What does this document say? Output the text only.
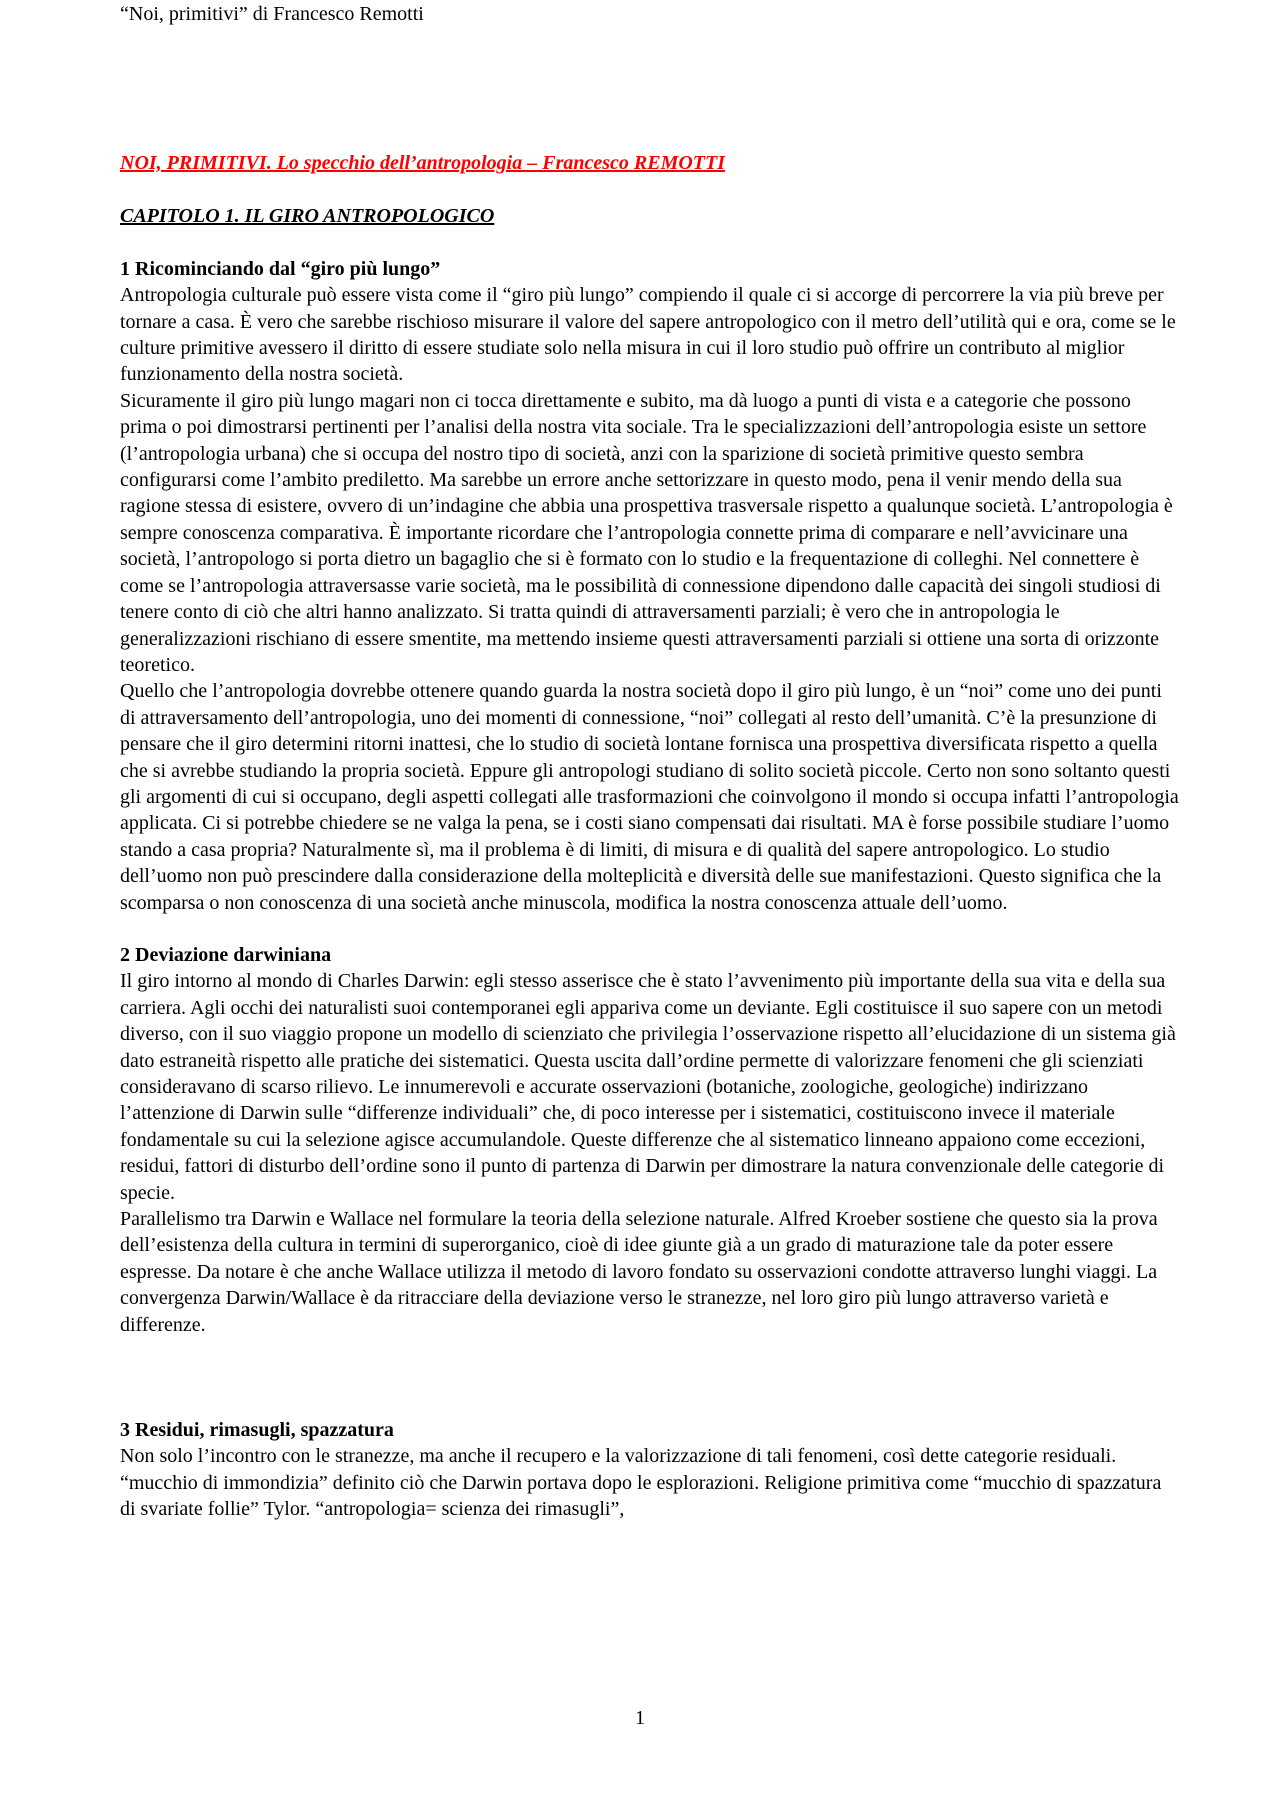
“Noi, primitivi” di Francesco Remotti

NOI, PRIMITIVI. Lo specchio dell’antropologia – Francesco REMOTTI

CAPITOLO 1. IL GIRO ANTROPOLOGICO

1 Ricominciando dal “giro più lungo”

Antropologia culturale può essere vista come il “giro più lungo” compiendo il quale ci si accorge di percorrere la via più breve per tornare a casa. È vero che sarebbe rischioso misurare il valore del sapere antropologico con il metro dell’utilità qui e ora, come se le culture primitive avessero il diritto di essere studiate solo nella misura in cui il loro studio può offrire un contributo al miglior funzionamento della nostra società.

Sicuramente il giro più lungo magari non ci tocca direttamente e subito, ma dà luogo a punti di vista e a categorie che possono prima o poi dimostrarsi pertinenti per l’analisi della nostra vita sociale. Tra le specializzazioni dell’antropologia esiste un settore (l’antropologia urbana) che si occupa del nostro tipo di società, anzi con la sparizione di società primitive questo sembra configurarsi come l’ambito prediletto. Ma sarebbe un errore anche settorizzare in questo modo, pena il venir mendo della sua ragione stessa di esistere, ovvero di un’indagine che abbia una prospettiva trasversale rispetto a qualunque società. L’antropologia è sempre conoscenza comparativa. È importante ricordare che l’antropologia connette prima di comparare e nell’avvicinare una società, l’antropologo si porta dietro un bagaglio che si è formato con lo studio e la frequentazione di colleghi. Nel connettere è come se l’antropologia attraversasse varie società, ma le possibilità di connessione dipendono dalle capacità dei singoli studiosi di tenere conto di ciò che altri hanno analizzato. Si tratta quindi di attraversamenti parziali; è vero che in antropologia le generalizzazioni rischiano di essere smentite, ma mettendo insieme questi attraversamenti parziali si ottiene una sorta di orizzonte teoretico.

Quello che l’antropologia dovrebbe ottenere quando guarda la nostra società dopo il giro più lungo, è un “noi” come uno dei punti di attraversamento dell’antropologia, uno dei momenti di connessione, “noi” collegati al resto dell’umanità. C’è la presunzione di pensare che il giro determini ritorni inattesi, che lo studio di società lontane fornisca una prospettiva diversificata rispetto a quella che si avrebbe studiando la propria società. Eppure gli antropologi studiano di solito società piccole. Certo non sono soltanto questi gli argomenti di cui si occupano, degli aspetti collegati alle trasformazioni che coinvolgono il mondo si occupa infatti l’antropologia applicata. Ci si potrebbe chiedere se ne valga la pena, se i costi siano compensati dai risultati. MA è forse possibile studiare l’uomo stando a casa propria? Naturalmente sì, ma il problema è di limiti, di misura e di qualità del sapere antropologico. Lo studio dell’uomo non può prescindere dalla considerazione della molteplicità e diversità delle sue manifestazioni. Questo significa che la scomparsa o non conoscenza di una società anche minuscola, modifica la nostra conoscenza attuale dell’uomo.

2 Deviazione darwiniana

Il giro intorno al mondo di Charles Darwin: egli stesso asserisce che è stato l’avvenimento più importante della sua vita e della sua carriera. Agli occhi dei naturalisti suoi contemporanei egli appariva come un deviante. Egli costituisce il suo sapere con un metodi diverso, con il suo viaggio propone un modello di scienziato che privilegia l’osservazione rispetto all’elucidazione di un sistema già dato estraneità rispetto alle pratiche dei sistematici. Questa uscita dall’ordine permette di valorizzare fenomeni che gli scienziati consideravano di scarso rilievo. Le innumerevoli e accurate osservazioni (botaniche, zoologiche, geologiche) indirizzano l’attenzione di Darwin sulle “differenze individuali” che, di poco interesse per i sistematici, costituiscono invece il materiale fondamentale su cui la selezione agisce accumulandole. Queste differenze che al sistematico linneano appaiono come eccezioni, residui, fattori di disturbo dell’ordine sono il punto di partenza di Darwin per dimostrare la natura convenzionale delle categorie di specie.

Parallelismo tra Darwin e Wallace nel formulare la teoria della selezione naturale. Alfred Kroeber sostiene che questo sia la prova dell’esistenza della cultura in termini di superorganico, cioè di idee giunte già a un grado di maturazione tale da poter essere espresse. Da notare è che anche Wallace utilizza il metodo di lavoro fondato su osservazioni condotte attraverso lunghi viaggi. La convergenza Darwin/Wallace è da ritracciare della deviazione verso le stranezze, nel loro giro più lungo attraverso varietà e differenze.

3 Residui, rimasugli, spazzatura

Non solo l’incontro con le stranezze, ma anche il recupero e la valorizzazione di tali fenomeni, così dette categorie residuali. “mucchio di immondizia” definito ciò che Darwin portava dopo le esplorazioni. Religione primitiva come “mucchio di spazzatura di svariate follie” Tylor. “antropologia= scienza dei rimasugli”,

1
